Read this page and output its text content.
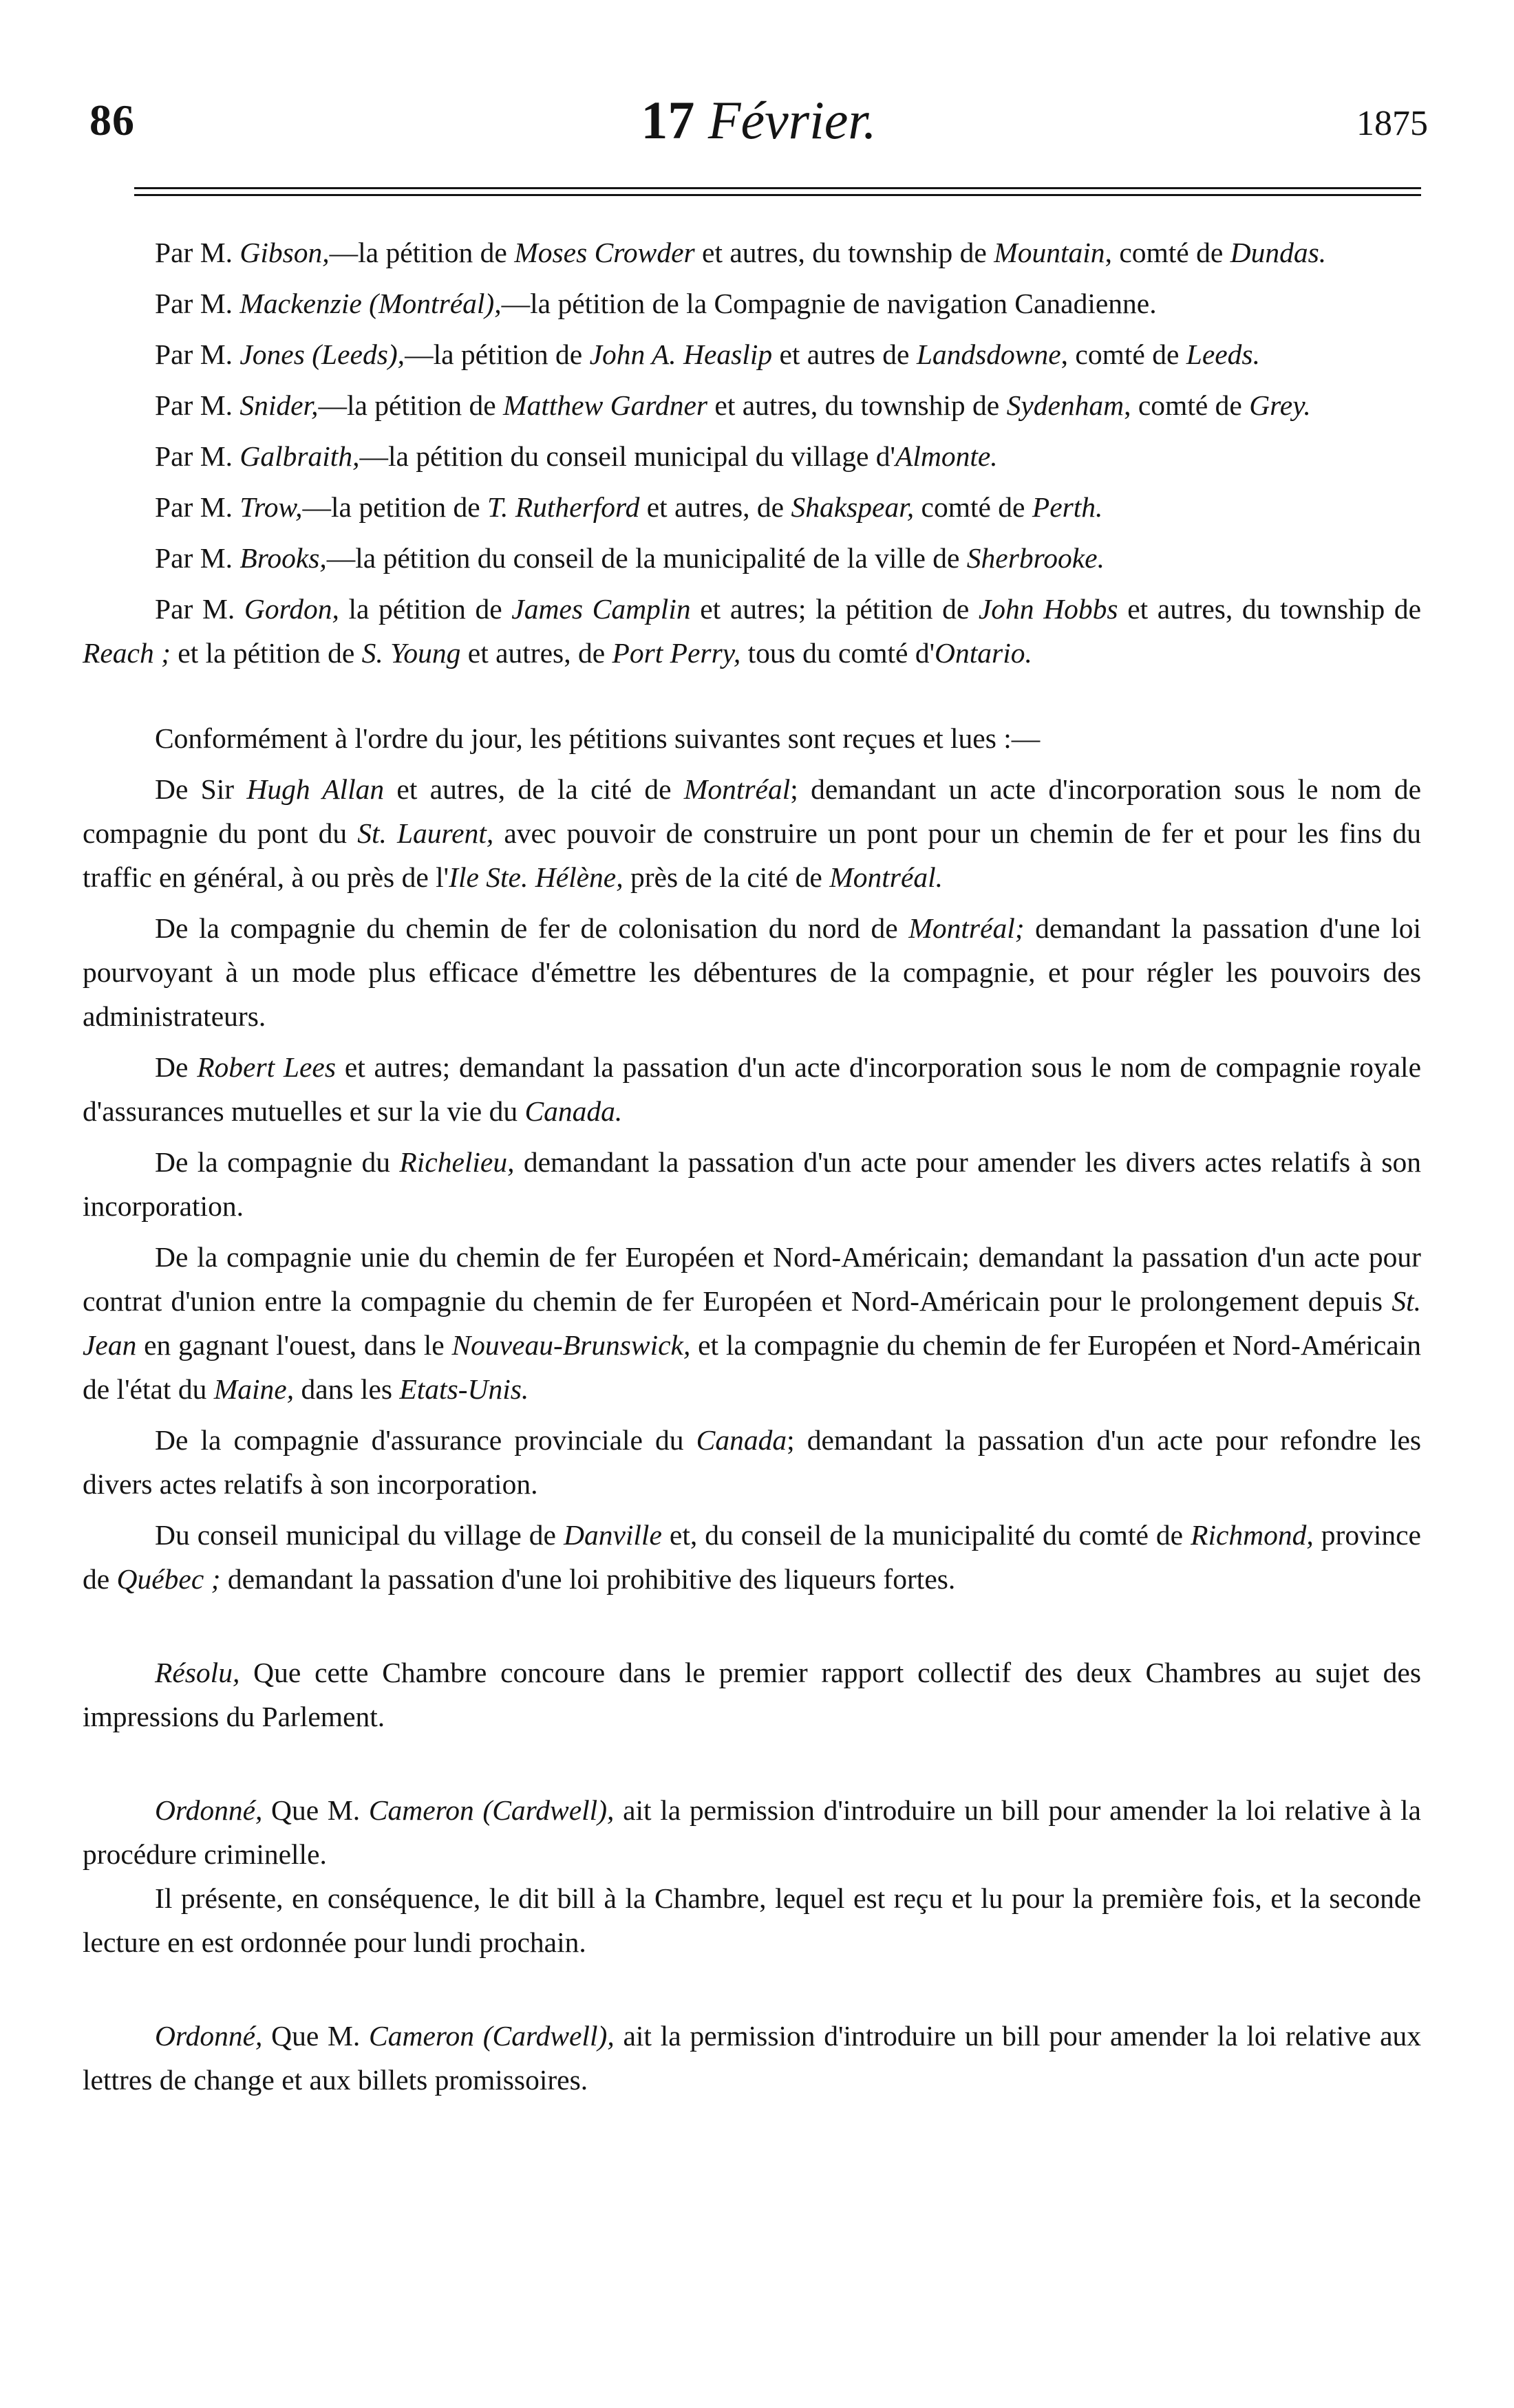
86	17 Février.	1875

Par M. Gibson,—la pétition de Moses Crowder et autres, du township de Mountain, comté de Dundas.

Par M. Mackenzie (Montréal),—la pétition de la Compagnie de navigation Canadienne.

Par M. Jones (Leeds),—la pétition de John A. Heaslip et autres de Landsdowne, comté de Leeds.

Par M. Snider,—la pétition de Matthew Gardner et autres, du township de Sydenham, comté de Grey.

Par M. Galbraith,—la pétition du conseil municipal du village d'Almonte.

Par M. Trow,—la petition de T. Rutherford et autres, de Shakspear, comté de Perth.

Par M. Brooks,—la pétition du conseil de la municipalité de la ville de Sherbrooke.

Par M. Gordon, la pétition de James Camplin et autres; la pétition de John Hobbs et autres, du township de Reach ; et la pétition de S. Young et autres, de Port Perry, tous du comté d'Ontario.

Conformément à l'ordre du jour, les pétitions suivantes sont reçues et lues :—

De Sir Hugh Allan et autres, de la cité de Montréal; demandant un acte d'incorporation sous le nom de compagnie du pont du St. Laurent, avec pouvoir de construire un pont pour un chemin de fer et pour les fins du traffic en général, à ou près de l'Ile Ste. Hélène, près de la cité de Montréal.

De la compagnie du chemin de fer de colonisation du nord de Montréal; demandant la passation d'une loi pourvoyant à un mode plus efficace d'émettre les débentures de la compagnie, et pour régler les pouvoirs des administrateurs.

De Robert Lees et autres; demandant la passation d'un acte d'incorporation sous le nom de compagnie royale d'assurances mutuelles et sur la vie du Canada.

De la compagnie du Richelieu, demandant la passation d'un acte pour amender les divers actes relatifs à son incorporation.

De la compagnie unie du chemin de fer Européen et Nord-Américain; demandant la passation d'un acte pour contrat d'union entre la compagnie du chemin de fer Européen et Nord-Américain pour le prolongement depuis St. Jean en gagnant l'ouest, dans le Nouveau-Brunswick, et la compagnie du chemin de fer Européen et Nord-Américain de l'état du Maine, dans les Etats-Unis.

De la compagnie d'assurance provinciale du Canada; demandant la passation d'un acte pour refondre les divers actes relatifs à son incorporation.

Du conseil municipal du village de Danville et, du conseil de la municipalité du comté de Richmond, province de Québec ; demandant la passation d'une loi prohibitive des liqueurs fortes.

Résolu, Que cette Chambre concoure dans le premier rapport collectif des deux Chambres au sujet des impressions du Parlement.

Ordonné, Que M. Cameron (Cardwell), ait la permission d'introduire un bill pour amender la loi relative à la procédure criminelle.

Il présente, en conséquence, le dit bill à la Chambre, lequel est reçu et lu pour la première fois, et la seconde lecture en est ordonnée pour lundi prochain.

Ordonné, Que M. Cameron (Cardwell), ait la permission d'introduire un bill pour amender la loi relative aux lettres de change et aux billets promissoires.
